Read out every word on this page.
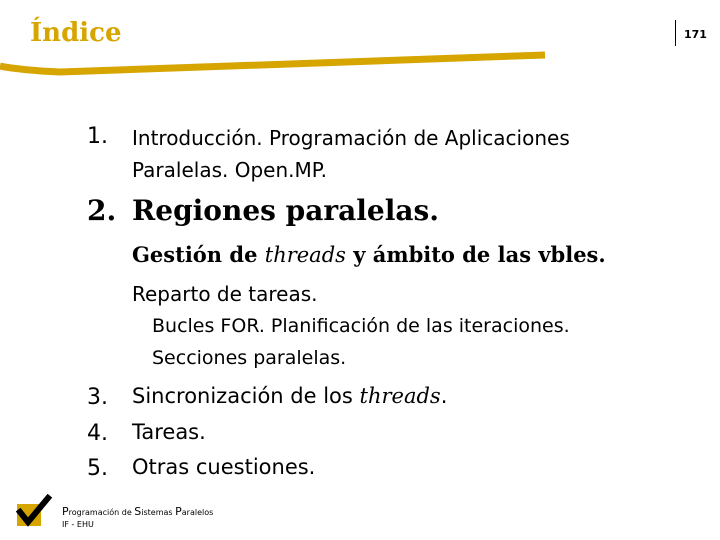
Índice	171
1. Introducción. Programación de Aplicaciones
Paralelas. Open.MP.
2. Regiones paralelas.
Gestión de threads y ámbito de las vbles.
Reparto de tareas.
Bucles FOR. Planificación de las iteraciones.
Secciones paralelas.
3. Sincronización de los threads.
4. Tareas.
5. Otras cuestiones.
Programación de Sistemas Paralelos
IF - EHU
